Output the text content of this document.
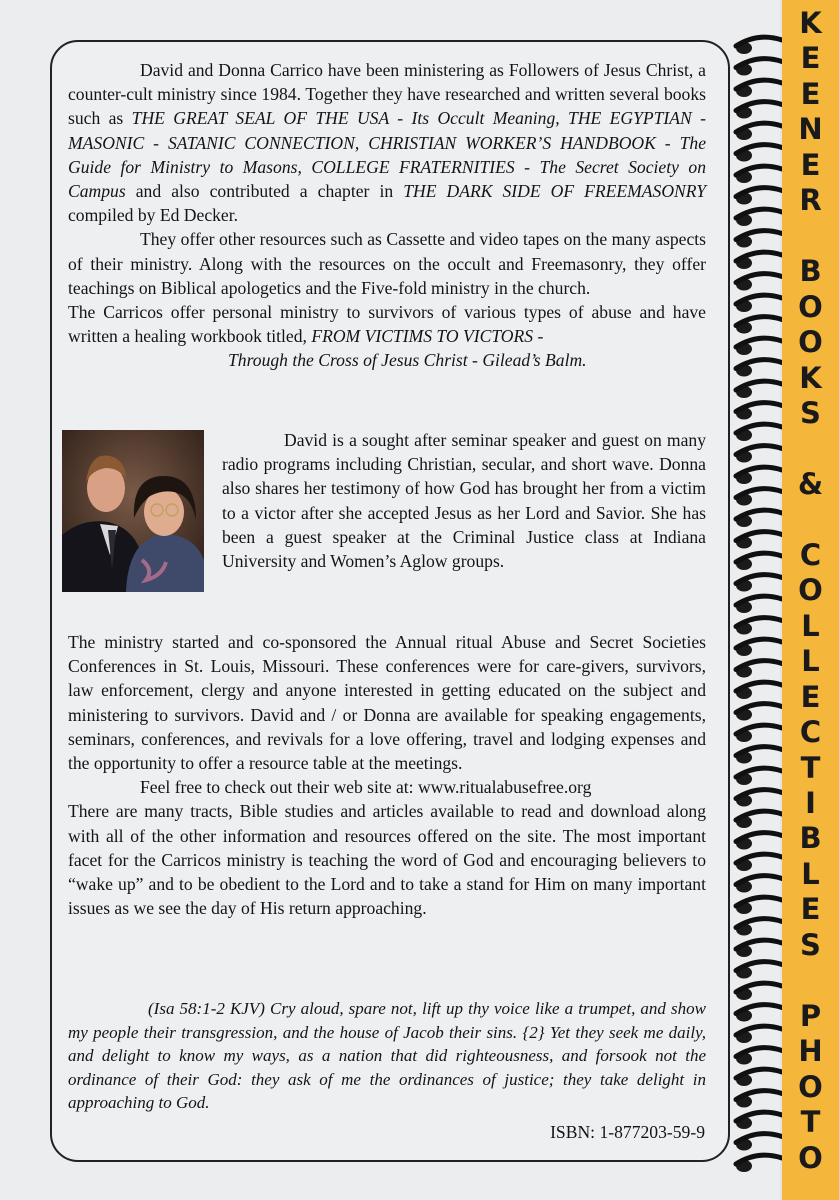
David and Donna Carrico have been ministering as Followers of Jesus Christ, a counter-cult ministry since 1984. Together they have researched and written several books such as THE GREAT SEAL OF THE USA - Its Occult Meaning, THE EGYPTIAN - MASONIC - SATANIC CONNECTION, CHRISTIAN WORKER’S HANDBOOK - The Guide for Ministry to Masons, COLLEGE FRATERNITIES - The Secret Society on Campus and also contributed a chapter in THE DARK SIDE OF FREEMASONRY compiled by Ed Decker.

They offer other resources such as Cassette and video tapes on the many aspects of their ministry. Along with the resources on the occult and Freemasonry, they offer teachings on Biblical apologetics and the Five-fold ministry in the church.

The Carricos offer personal ministry to survivors of various types of abuse and have written a healing workbook titled, FROM VICTIMS TO VICTORS -

Through the Cross of Jesus Christ - Gilead’s Balm.

David is a sought after seminar speaker and guest on many radio programs including Christian, secular, and short wave. Donna also shares her testimony of how God has brought her from a victim to a victor after she accepted Jesus as her Lord and Savior. She has been a guest speaker at the Criminal Justice class at Indiana University and Women’s Aglow groups.

The ministry started and co-sponsored the Annual ritual Abuse and Secret Societies Conferences in St. Louis, Missouri. These conferences were for care-givers, survivors, law enforcement, clergy and anyone interested in getting educated on the subject and ministering to survivors. David and / or Donna are available for speaking engagements, seminars, conferences, and revivals for a love offering, travel and lodging expenses and the opportunity to offer a resource table at the meetings.

Feel free to check out their web site at: www.ritualabusefree.org

There are many tracts, Bible studies and articles available to read and download along with all of the other information and resources offered on the site. The most important facet for the Carricos ministry is teaching the word of God and encouraging believers to “wake up” and to be obedient to the Lord and to take a stand for Him on many important issues as we see the day of His return approaching.

(Isa 58:1-2 KJV) Cry aloud, spare not, lift up thy voice like a trumpet, and show my people their transgression, and the house of Jacob their sins. {2} Yet they seek me daily, and delight to know my ways, as a nation that did righteousness, and forsook not the ordinance of their God: they ask of me the ordinances of justice; they take delight in approaching to God.

ISBN: 1-877203-59-9
K
E
E
N
E
R
B
O
O
K
S
&
C
O
L
L
E
C
T
I
B
L
E
S
P
H
O
T
O
